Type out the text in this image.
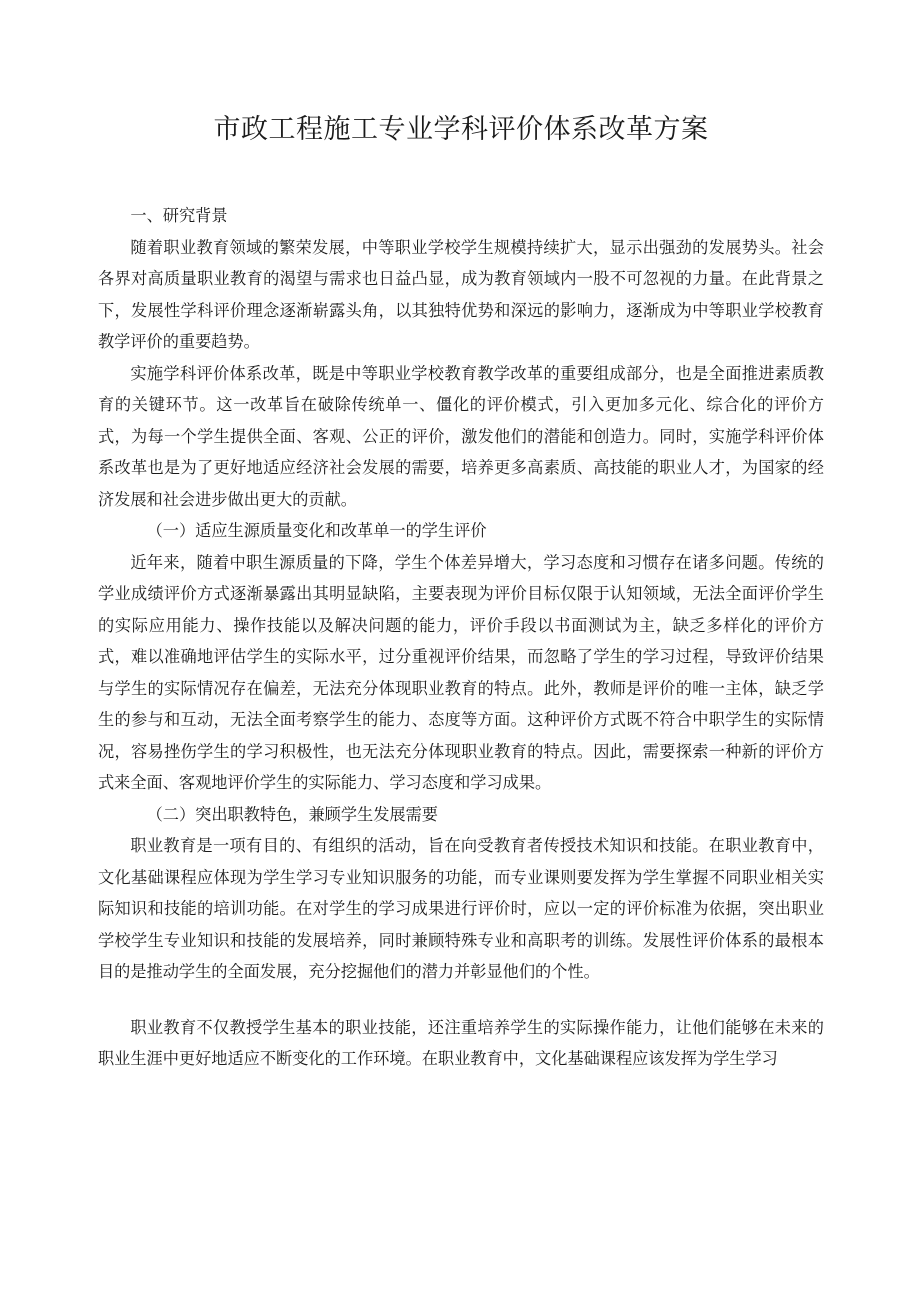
市政工程施工专业学科评价体系改革方案

一、研究背景

随着职业教育领域的繁荣发展，中等职业学校学生规模持续扩大，显示出强劲的发展势头。社会各界对高质量职业教育的渴望与需求也日益凸显，成为教育领域内一股不可忽视的力量。在此背景之下，发展性学科评价理念逐渐崭露头角，以其独特优势和深远的影响力，逐渐成为中等职业学校教育教学评价的重要趋势。

实施学科评价体系改革，既是中等职业学校教育教学改革的重要组成部分，也是全面推进素质教育的关键环节。这一改革旨在破除传统单一、僵化的评价模式，引入更加多元化、综合化的评价方式，为每一个学生提供全面、客观、公正的评价，激发他们的潜能和创造力。同时，实施学科评价体系改革也是为了更好地适应经济社会发展的需要，培养更多高素质、高技能的职业人才，为国家的经济发展和社会进步做出更大的贡献。

（一）适应生源质量变化和改革单一的学生评价

近年来，随着中职生源质量的下降，学生个体差异增大，学习态度和习惯存在诸多问题。传统的学业成绩评价方式逐渐暴露出其明显缺陷，主要表现为评价目标仅限于认知领域，无法全面评价学生的实际应用能力、操作技能以及解决问题的能力，评价手段以书面测试为主，缺乏多样化的评价方式，难以准确地评估学生的实际水平，过分重视评价结果，而忽略了学生的学习过程，导致评价结果与学生的实际情况存在偏差，无法充分体现职业教育的特点。此外，教师是评价的唯一主体，缺乏学生的参与和互动，无法全面考察学生的能力、态度等方面。这种评价方式既不符合中职学生的实际情况，容易挫伤学生的学习积极性，也无法充分体现职业教育的特点。因此，需要探索一种新的评价方式来全面、客观地评价学生的实际能力、学习态度和学习成果。

（二）突出职教特色，兼顾学生发展需要

职业教育是一项有目的、有组织的活动，旨在向受教育者传授技术知识和技能。在职业教育中，文化基础课程应体现为学生学习专业知识服务的功能，而专业课则要发挥为学生掌握不同职业相关实际知识和技能的培训功能。在对学生的学习成果进行评价时，应以一定的评价标准为依据，突出职业学校学生专业知识和技能的发展培养，同时兼顾特殊专业和高职考的训练。发展性评价体系的最根本目的是推动学生的全面发展，充分挖掘他们的潜力并彰显他们的个性。

职业教育不仅教授学生基本的职业技能，还注重培养学生的实际操作能力，让他们能够在未来的职业生涯中更好地适应不断变化的工作环境。在职业教育中，文化基础课程应该发挥为学生学习
